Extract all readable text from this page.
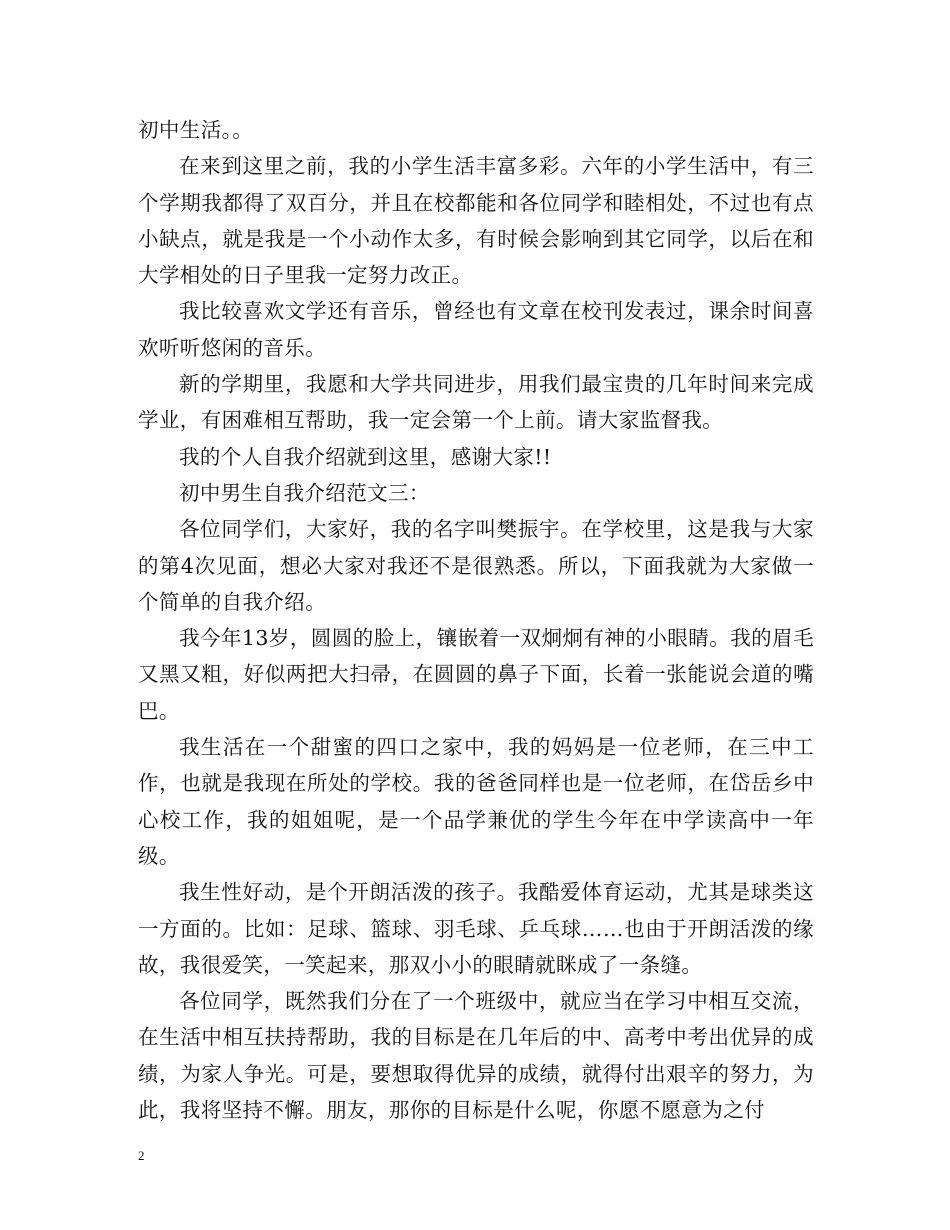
初中生活。。

在来到这里之前，我的小学生活丰富多彩。六年的小学生活中，有三个学期我都得了双百分，并且在校都能和各位同学和睦相处，不过也有点小缺点，就是我是一个小动作太多，有时候会影响到其它同学，以后在和大学相处的日子里我一定努力改正。

我比较喜欢文学还有音乐，曾经也有文章在校刊发表过，课余时间喜欢听听悠闲的音乐。

新的学期里，我愿和大学共同进步，用我们最宝贵的几年时间来完成学业，有困难相互帮助，我一定会第一个上前。请大家监督我。

我的个人自我介绍就到这里，感谢大家!!

初中男生自我介绍范文三：

各位同学们，大家好，我的名字叫樊振宇。在学校里，这是我与大家的第4次见面，想必大家对我还不是很熟悉。所以，下面我就为大家做一个简单的自我介绍。

我今年13岁，圆圆的脸上，镶嵌着一双炯炯有神的小眼睛。我的眉毛又黑又粗，好似两把大扫帚，在圆圆的鼻子下面，长着一张能说会道的嘴巴。

我生活在一个甜蜜的四口之家中，我的妈妈是一位老师，在三中工作，也就是我现在所处的学校。我的爸爸同样也是一位老师，在岱岳乡中心校工作，我的姐姐呢，是一个品学兼优的学生今年在中学读高中一年级。

我生性好动，是个开朗活泼的孩子。我酷爱体育运动，尤其是球类这一方面的。比如：足球、篮球、羽毛球、乒乓球……也由于开朗活泼的缘故，我很爱笑，一笑起来，那双小小的眼睛就眯成了一条缝。

各位同学，既然我们分在了一个班级中，就应当在学习中相互交流，在生活中相互扶持帮助，我的目标是在几年后的中、高考中考出优异的成绩，为家人争光。可是，要想取得优异的成绩，就得付出艰辛的努力，为此，我将坚持不懈。朋友，那你的目标是什么呢，你愿不愿意为之付

2
